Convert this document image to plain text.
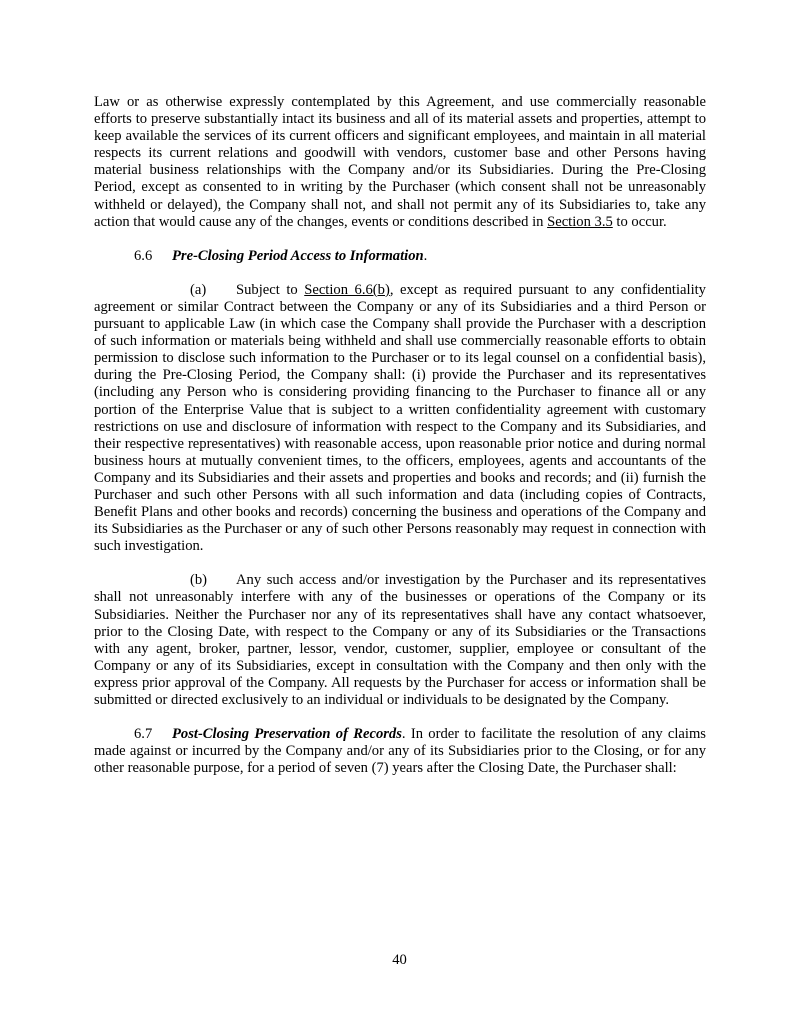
Law or as otherwise expressly contemplated by this Agreement, and use commercially reasonable efforts to preserve substantially intact its business and all of its material assets and properties, attempt to keep available the services of its current officers and significant employees, and maintain in all material respects its current relations and goodwill with vendors, customer base and other Persons having material business relationships with the Company and/or its Subsidiaries. During the Pre-Closing Period, except as consented to in writing by the Purchaser (which consent shall not be unreasonably withheld or delayed), the Company shall not, and shall not permit any of its Subsidiaries to, take any action that would cause any of the changes, events or conditions described in Section 3.5 to occur.

6.6 Pre-Closing Period Access to Information.

(a) Subject to Section 6.6(b), except as required pursuant to any confidentiality agreement or similar Contract between the Company or any of its Subsidiaries and a third Person or pursuant to applicable Law (in which case the Company shall provide the Purchaser with a description of such information or materials being withheld and shall use commercially reasonable efforts to obtain permission to disclose such information to the Purchaser or to its legal counsel on a confidential basis), during the Pre-Closing Period, the Company shall: (i) provide the Purchaser and its representatives (including any Person who is considering providing financing to the Purchaser to finance all or any portion of the Enterprise Value that is subject to a written confidentiality agreement with customary restrictions on use and disclosure of information with respect to the Company and its Subsidiaries, and their respective representatives) with reasonable access, upon reasonable prior notice and during normal business hours at mutually convenient times, to the officers, employees, agents and accountants of the Company and its Subsidiaries and their assets and properties and books and records; and (ii) furnish the Purchaser and such other Persons with all such information and data (including copies of Contracts, Benefit Plans and other books and records) concerning the business and operations of the Company and its Subsidiaries as the Purchaser or any of such other Persons reasonably may request in connection with such investigation.

(b) Any such access and/or investigation by the Purchaser and its representatives shall not unreasonably interfere with any of the businesses or operations of the Company or its Subsidiaries. Neither the Purchaser nor any of its representatives shall have any contact whatsoever, prior to the Closing Date, with respect to the Company or any of its Subsidiaries or the Transactions with any agent, broker, partner, lessor, vendor, customer, supplier, employee or consultant of the Company or any of its Subsidiaries, except in consultation with the Company and then only with the express prior approval of the Company. All requests by the Purchaser for access or information shall be submitted or directed exclusively to an individual or individuals to be designated by the Company.

6.7 Post-Closing Preservation of Records. In order to facilitate the resolution of any claims made against or incurred by the Company and/or any of its Subsidiaries prior to the Closing, or for any other reasonable purpose, for a period of seven (7) years after the Closing Date, the Purchaser shall:

40
